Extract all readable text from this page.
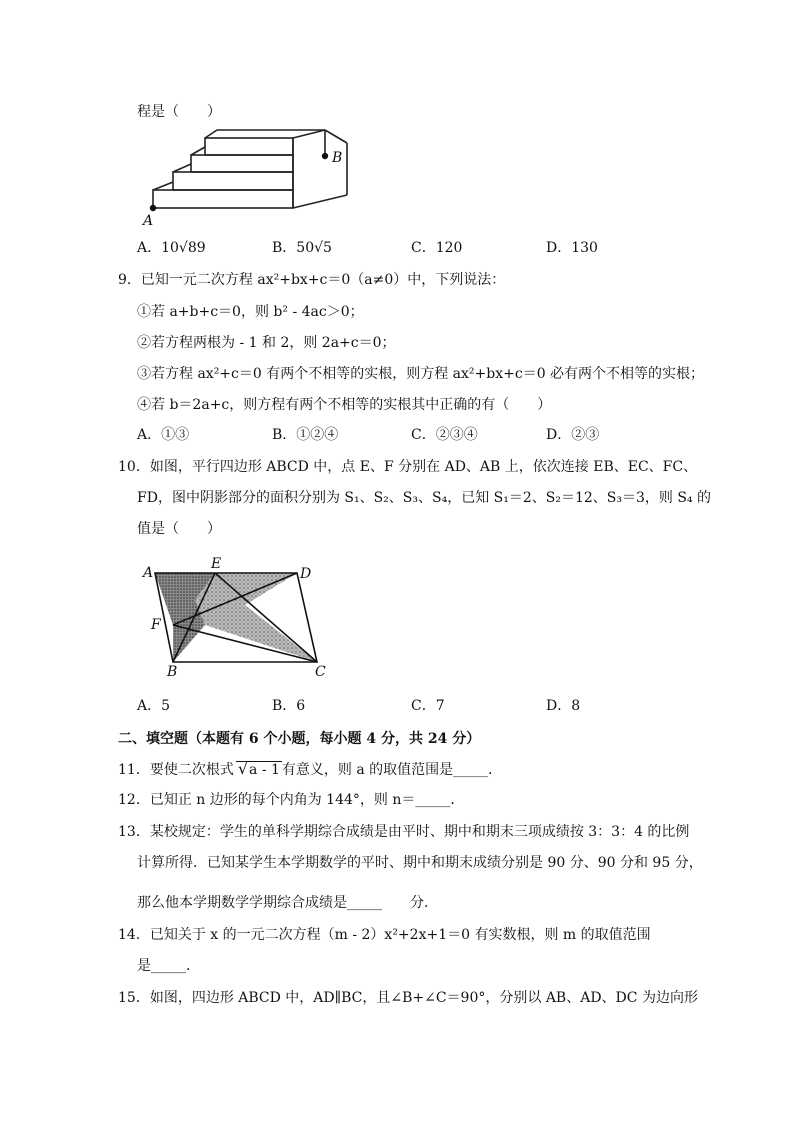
程是（　　）
B
A
A．10√89	B．50√5	C．120	D．130
9．已知一元二次方程 ax²+bx+c＝0（a≠0）中，下列说法：
①若 a+b+c＝0，则 b² - 4ac＞0；
②若方程两根为 - 1 和 2，则 2a+c＝0；
③若方程 ax²+c＝0 有两个不相等的实根，则方程 ax²+bx+c＝0 必有两个不相等的实根；
④若 b＝2a+c，则方程有两个不相等的实根其中正确的有（　　）
A．①③	B．①②④	C．②③④	D．②③
10．如图，平行四边形 ABCD 中，点 E、F 分别在 AD、AB 上，依次连接 EB、EC、FC、
FD，图中阴影部分的面积分别为 S₁、S₂、S₃、S₄，已知 S₁＝2、S₂＝12、S₃＝3，则 S₄ 的
值是（　　）
A
E
D
F
B	C
A．5	B．6	C．7	D．8
二、填空题（本题有 6 个小题，每小题 4 分，共 24 分）
11．要使二次根式 √a - 1 有意义，则 a 的取值范围是_____．
12．已知正 n 边形的每个内角为 144°，则 n＝_____．
13．某校规定：学生的单科学期综合成绩是由平时、期中和期末三项成绩按 3：3：4 的比例
计算所得．已知某学生本学期数学的平时、期中和期末成绩分别是 90 分、90 分和 95 分，
那么他本学期数学学期综合成绩是_____　　分．
14．已知关于 x 的一元二次方程（m - 2）x²+2x+1＝0 有实数根，则 m 的取值范围
是_____．
15．如图，四边形 ABCD 中，AD∥BC，且∠B+∠C＝90°，分别以 AB、AD、DC 为边向形
